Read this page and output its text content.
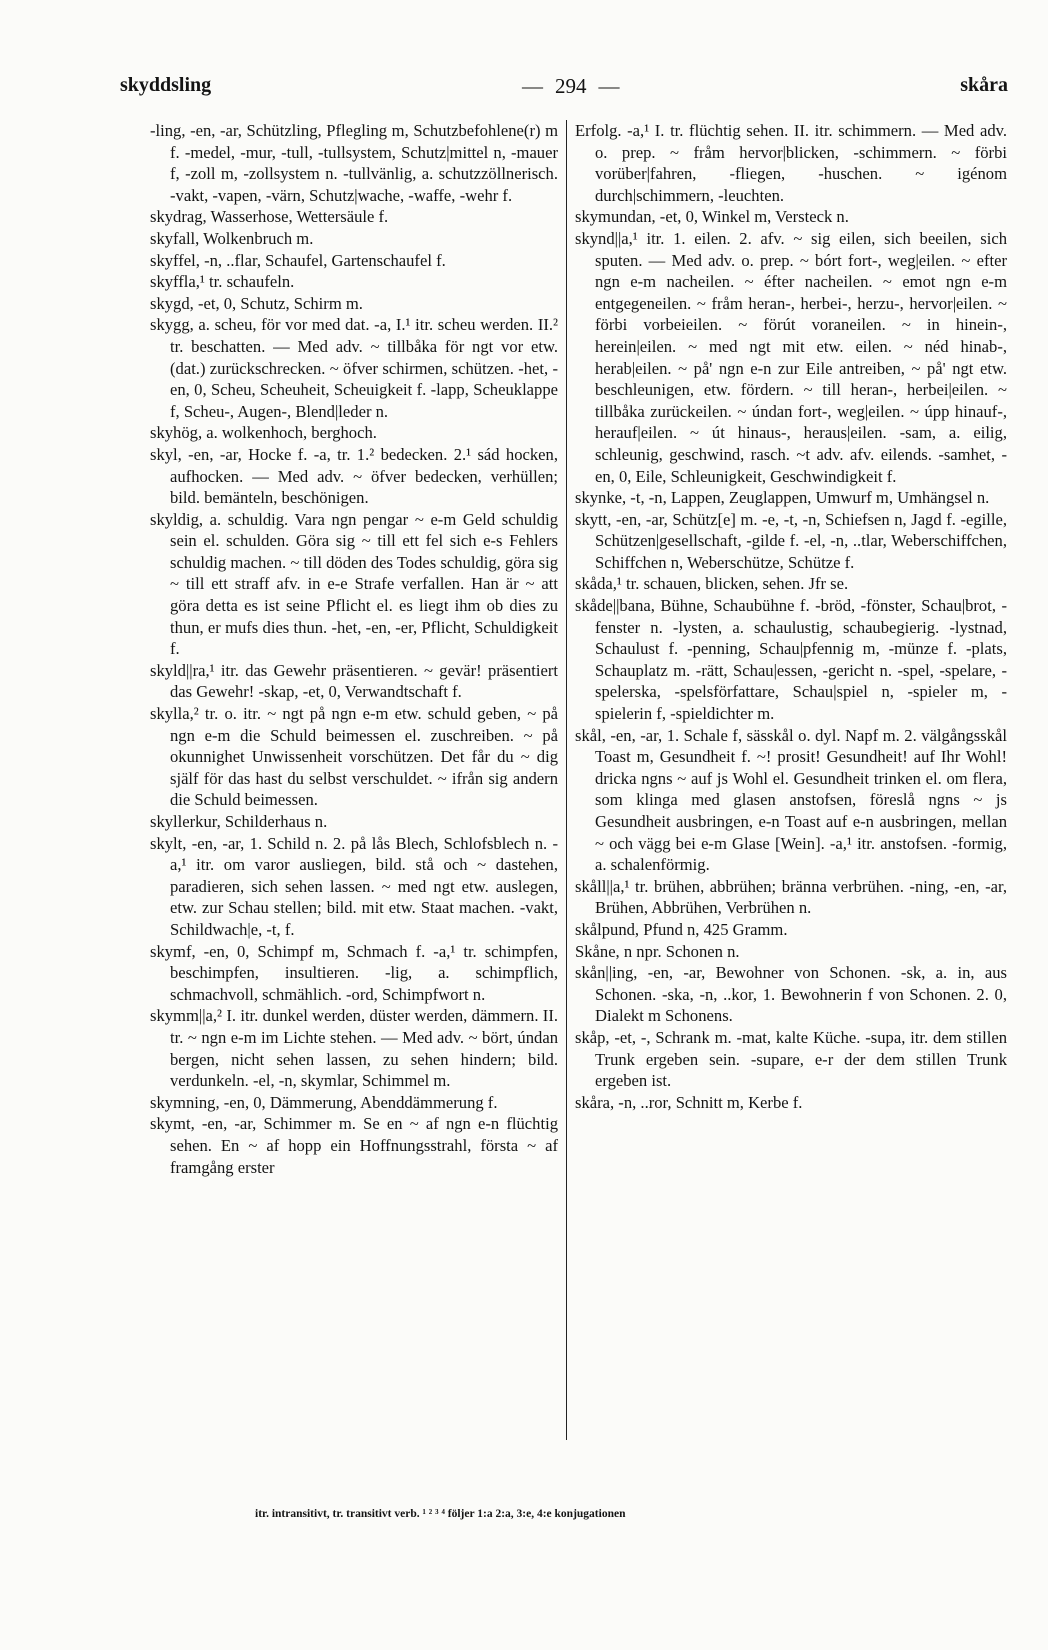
skyddsling
—	294 —	skåra

-ling, -en, -ar, Schützling, Pflegling m, Schutzbefohlene(r) m f. -medel, -mur, -tull, -tullsystem, Schutz|mittel n, -mauer f, -zoll m, -zollsystem n. -tullvänlig, a. schutzzöllnerisch. -vakt, -vapen, -värn, Schutz|wache, -waffe, -wehr f.

skydrag, Wasserhose, Wettersäule f.

skyfall, Wolkenbruch m.

skyffel, -n, ..flar, Schaufel, Gartenschaufel f.

skyffla,¹ tr. schaufeln.

skygd, -et, 0, Schutz, Schirm m.

skygg, a. scheu, för vor med dat. -a, I.¹ itr. scheu werden. II.² tr. beschatten. — Med adv. ~ tillbåka för ngt vor etw. (dat.) zurückschrecken. ~ öfver schirmen, schützen. -het, -en, 0, Scheu, Scheuheit, Scheuigkeit f. -lapp, Scheuklappe f, Scheu-, Augen-, Blend|leder n.

skyhög, a. wolkenhoch, berghoch.

skyl, -en, -ar, Hocke f. -a, tr. 1.² bedecken. 2.¹ sád hocken, aufhocken. — Med adv. ~ öfver bedecken, verhüllen; bild. bemänteln, beschönigen.

skyldig, a. schuldig. Vara ngn pengar ~ e-m Geld schuldig sein el. schulden. Göra sig ~ till ett fel sich e-s Fehlers schuldig machen. ~ till döden des Todes schuldig, göra sig ~ till ett straff afv. in e-e Strafe verfallen. Han är ~ att göra detta es ist seine Pflicht el. es liegt ihm ob dies zu thun, er mufs dies thun. -het, -en, -er, Pflicht, Schuldigkeit f.

skyld||ra,¹ itr. das Gewehr präsentieren. ~ gevär! präsentiert das Gewehr! -skap, -et, 0, Verwandtschaft f.

skylla,² tr. o. itr. ~ ngt på ngn e-m etw. schuld geben, ~ på ngn e-m die Schuld beimessen el. zuschreiben. ~ på okunnighet Unwissenheit vorschützen. Det får du ~ dig själf för das hast du selbst verschuldet. ~ ifrån sig andern die Schuld beimessen.

skyllerkur, Schilderhaus n.

skylt, -en, -ar, 1. Schild n. 2. på lås Blech, Schlofsblech n. -a,¹ itr. om varor ausliegen, bild. stå och ~ dastehen, paradieren, sich sehen lassen. ~ med ngt etw. auslegen, etw. zur Schau stellen; bild. mit etw. Staat machen. -vakt, Schildwach|e, -t, f.

skymf, -en, 0, Schimpf m, Schmach f. -a,¹ tr. schimpfen, beschimpfen, insultieren. -lig, a. schimpflich, schmachvoll, schmählich. -ord, Schimpfwort n.

skymm||a,² I. itr. dunkel werden, düster werden, dämmern. II. tr. ~ ngn e-m im Lichte stehen. — Med adv. ~ bört, úndan bergen, nicht sehen lassen, zu sehen hindern; bild. verdunkeln. -el, -n, skymlar, Schimmel m.

skymning, -en, 0, Dämmerung, Abenddämmerung f.

skymt, -en, -ar, Schimmer m. Se en ~ af ngn e-n flüchtig sehen. En ~ af hopp ein Hoffnungsstrahl, första ~ af framgång erster

Erfolg. -a,¹ I. tr. flüchtig sehen. II. itr. schimmern. — Med adv. o. prep. ~ fråm hervor|blicken, -schimmern. ~ förbi vorüber|fahren, -fliegen, -huschen. ~ igénom durch|schimmern, -leuchten.

skymundan, -et, 0, Winkel m, Versteck n.

skynd||a,¹ itr. 1. eilen. 2. afv. ~ sig eilen, sich beeilen, sich sputen. — Med adv. o. prep. ~ bórt fort-, weg|eilen. ~ efter ngn e-m nacheilen. ~ éfter nacheilen. ~ emot ngn e-m entgegeneilen. ~ fråm heran-, herbei-, herzu-, hervor|eilen. ~ förbi vorbeieilen. ~ förút voraneilen. ~ in hinein-, herein|eilen. ~ med ngt mit etw. eilen. ~ néd hinab-, herab|eilen. ~ på' ngn e-n zur Eile antreiben, ~ på' ngt etw. beschleunigen, etw. fördern. ~ till heran-, herbei|eilen. ~ tillbåka zurückeilen. ~ úndan fort-, weg|eilen. ~ úpp hinauf-, herauf|eilen. ~ út hinaus-, heraus|eilen. -sam, a. eilig, schleunig, geschwind, rasch. ~t adv. afv. eilends. -samhet, -en, 0, Eile, Schleunigkeit, Geschwindigkeit f.

skynke, -t, -n, Lappen, Zeuglappen, Umwurf m, Umhängsel n.

skytt, -en, -ar, Schütz[e] m. -e, -t, -n, Schiefsen n, Jagd f. -egille, Schützen|gesellschaft, -gilde f. -el, -n, ..tlar, Weberschiffchen, Schiffchen n, Weberschütze, Schütze f.

skåda,¹ tr. schauen, blicken, sehen. Jfr se.

skåde||bana, Bühne, Schaubühne f. -bröd, -fönster, Schau|brot, -fenster n. -lysten, a. schaulustig, schaubegierig. -lystnad, Schaulust f. -penning, Schau|pfennig m, -münze f. -plats, Schauplatz m. -rätt, Schau|essen, -gericht n. -spel, -spelare, -spelerska, -spelsförfattare, Schau|spiel n, -spieler m, -spielerin f, -spieldichter m.

skål, -en, -ar, 1. Schale f, sässkål o. dyl. Napf m. 2. välgångsskål Toast m, Gesundheit f. ~! prosit! Gesundheit! auf Ihr Wohl! dricka ngns ~ auf js Wohl el. Gesundheit trinken el. om flera, som klinga med glasen anstofsen, föreslå ngns ~ js Gesundheit ausbringen, e-n Toast auf e-n ausbringen, mellan ~ och vägg bei e-m Glase [Wein]. -a,¹ itr. anstofsen. -formig, a. schalenförmig.

skåll||a,¹ tr. brühen, abbrühen; bränna verbrühen. -ning, -en, -ar, Brühen, Abbrühen, Verbrühen n.

skålpund, Pfund n, 425 Gramm.

Skåne, n npr. Schonen n.

skån||ing, -en, -ar, Bewohner von Schonen. -sk, a. in, aus Schonen. -ska, -n, ..kor, 1. Bewohnerin f von Schonen. 2. 0, Dialekt m Schonens.

skåp, -et, -, Schrank m. -mat, kalte Küche. -supa, itr. dem stillen Trunk ergeben sein. -supare, e-r der dem stillen Trunk ergeben ist.

skåra, -n, ..ror, Schnitt m, Kerbe f.

itr. intransitivt, tr. transitivt verb. ¹ ² ³ ⁴ följer 1:a 2:a, 3:e, 4:e konjugationen
